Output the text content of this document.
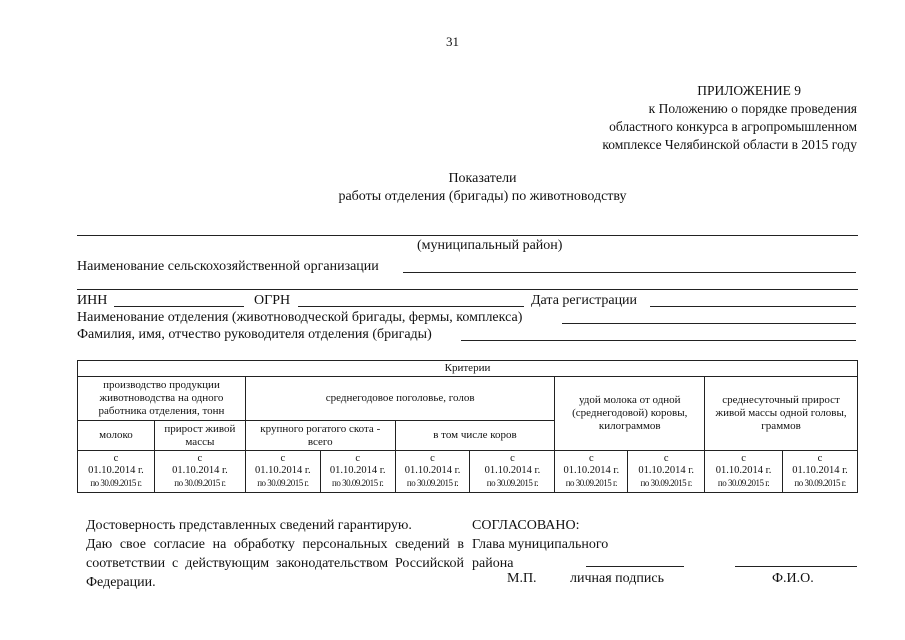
31
ПРИЛОЖЕНИЕ 9
к Положению о порядке проведения
областного конкурса в агропромышленном
комплексе Челябинской области в 2015 году
Показатели
работы отделения (бригады) по животноводству
(муниципальный район)
Наименование сельскохозяйственной организации
ИНН	ОГРН	Дата регистрации
Наименование отделения (животноводческой бригады, фермы, комплекса)
Фамилия, имя, отчество руководителя отделения (бригады)
Критерии									
производство продукции животноводства на одного работника отделения, тонн		среднегодовое поголовье, голов				удой молока от одной (среднегодовой) коровы, килограммов		среднесуточный прирост живой массы одной головы, граммов	
молоко	прирост живой массы	крупного рогатого скота - всего		в том числе коров					

с
01.10.2014 г.
по 30.09.2015 г.	с
01.10.2014 г.
по 30.09.2015 г.	с
01.10.2014 г.
по 30.09.2015 г.	с
01.10.2014 г.
по 30.09.2015 г.	с
01.10.2014 г.
по 30.09.2015 г.	с
01.10.2014 г.
по 30.09.2015 г.	с
01.10.2014 г.
по 30.09.2015 г.	с
01.10.2014 г.
по 30.09.2015 г.	с
01.10.2014 г.
по 30.09.2015 г.	с
01.10.2014 г.
по 30.09.2015 г.

Достоверность представленных сведений гарантирую.

Даю свое согласие на обработку персональных сведений в соответствии с действующим законодательством Российской Федерации.

СОГЛАСОВАНО:
Глава муниципального
района
М.П. личная подпись	Ф.И.О.
